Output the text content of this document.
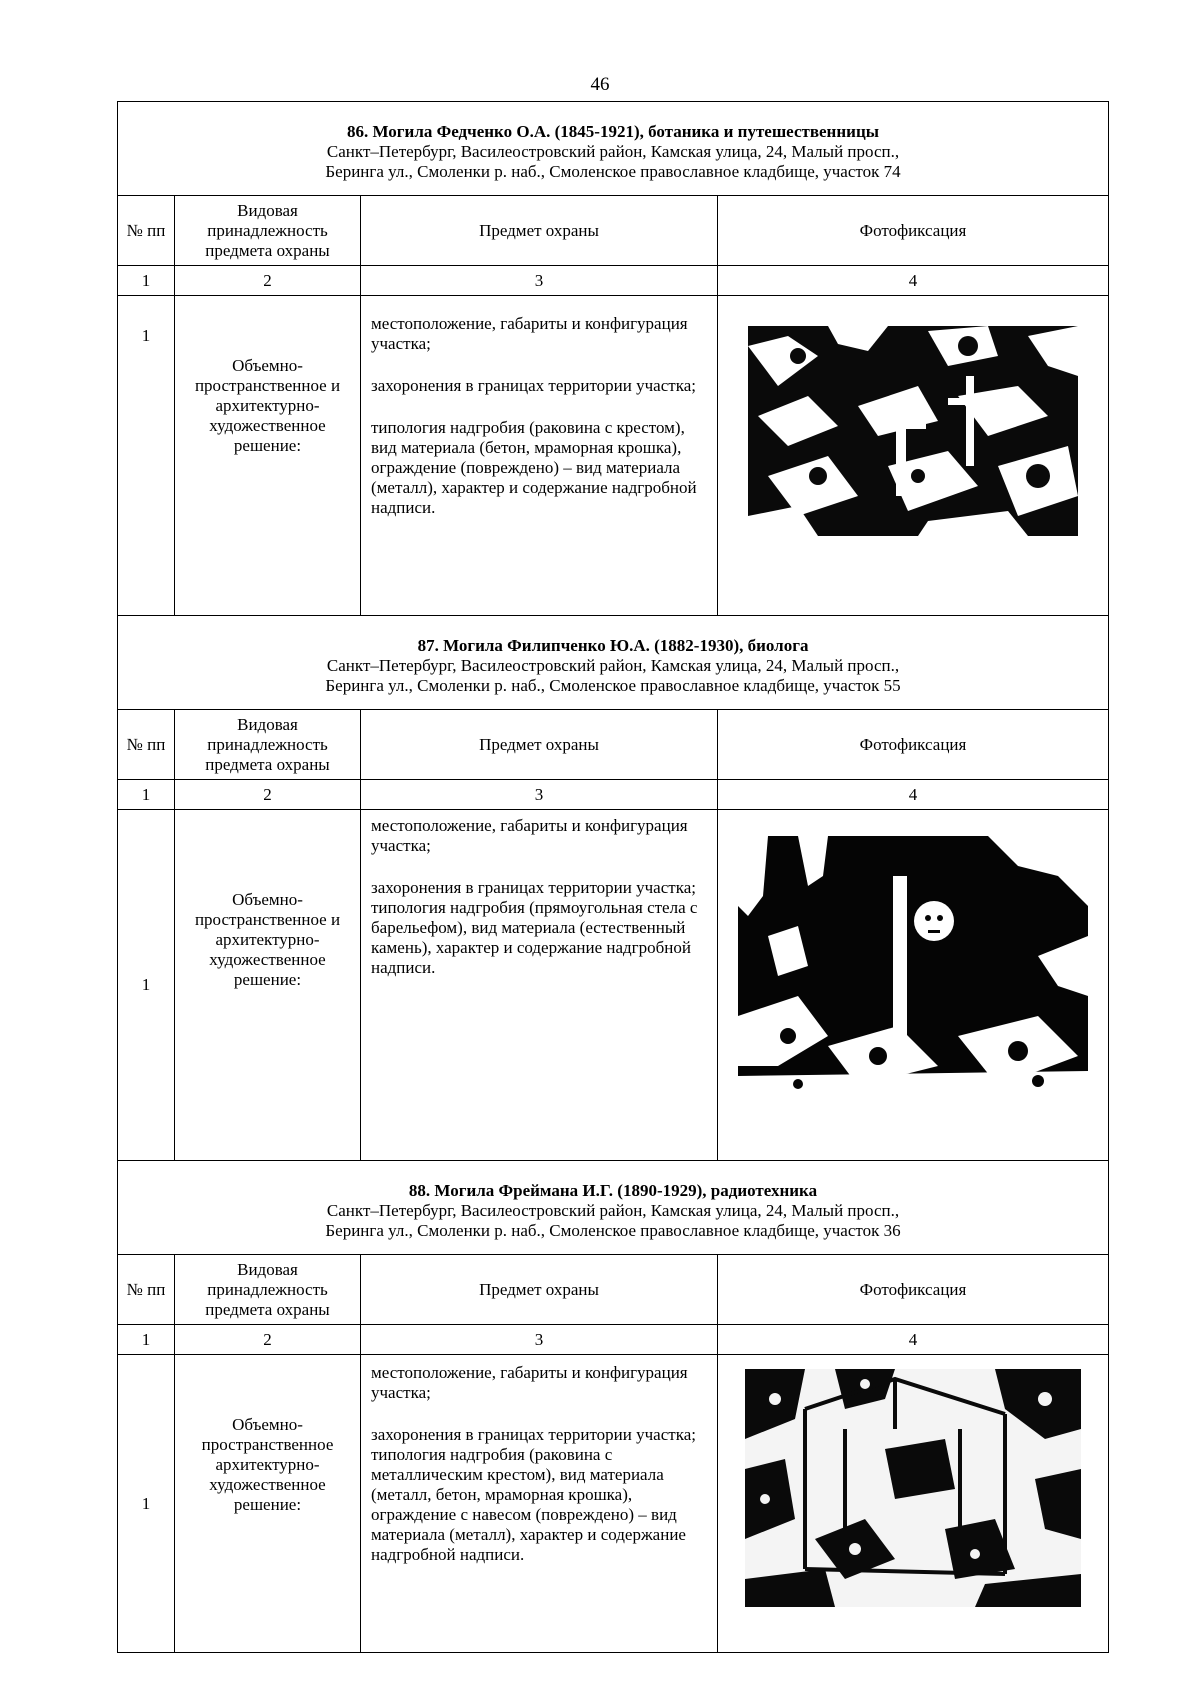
46
86. Могила Федченко О.А. (1845-1921), ботаника и путешественницы
Санкт–Петербург, Василеостровский район, Камская улица, 24, Малый просп.,
Беринга ул., Смоленки р. наб., Смоленское православное кладбище, участок 74			

№ пп	Видовая принадлежность предмета охраны	Предмет охраны	Фотофиксация
1	2	3	4
1	Объемно-пространственное и архитектурно-художественное решение:	местоположение, габариты и конфигурация участка;

захоронения в границах территории участка;

типология надгробия (раковина с крестом), вид материала (бетон, мраморная крошка), ограждение (повреждено) – вид материала (металл), характер и содержание надгробной надписи.

87. Могила Филипченко Ю.А. (1882-1930), биолога
Санкт–Петербург, Василеостровский район, Камская улица, 24, Малый просп.,
Беринга ул., Смоленки р. наб., Смоленское православное кладбище, участок 55			

№ пп	Видовая принадлежность предмета охраны	Предмет охраны	Фотофиксация
1	2	3	4
1	Объемно-пространственное и архитектурно-художественное решение:	местоположение, габариты и конфигурация участка;

захоронения в границах территории участка;

типология надгробия (прямоугольная стела с барельефом), вид материала (естественный камень), характер и содержание надгробной надписи.

88. Могила Фреймана И.Г. (1890-1929), радиотехника
Санкт–Петербург, Василеостровский район, Камская улица, 24, Малый просп.,
Беринга ул., Смоленки р. наб., Смоленское православное кладбище, участок 36			

№ пп	Видовая принадлежность предмета охраны	Предмет охраны	Фотофиксация
1	2	3	4
1	Объемно-пространственное архитектурно-художественное решение:	местоположение, габариты и конфигурация участка;

захоронения в границах территории участка;

типология надгробия (раковина с металлическим крестом), вид материала (металл, бетон, мраморная крошка), ограждение с навесом (повреждено) – вид материала (металл), характер и содержание надгробной надписи.
